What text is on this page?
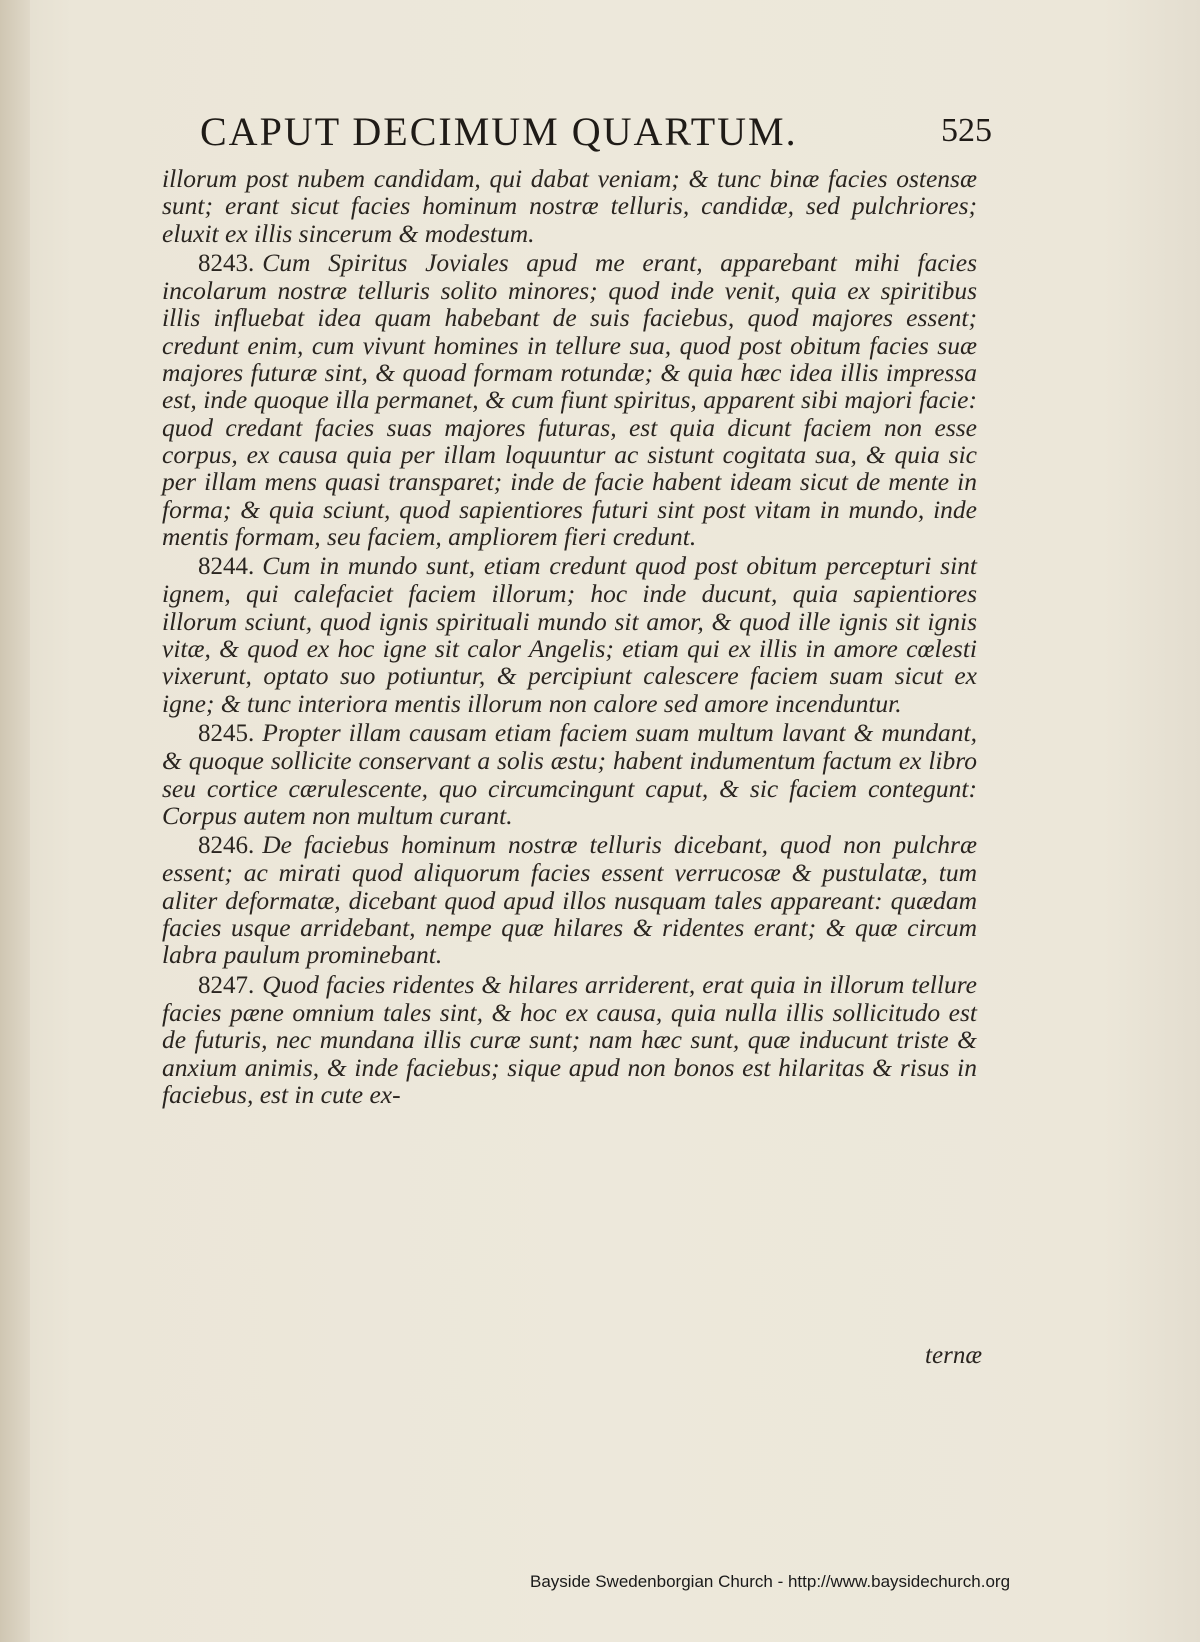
CAPUT DECIMUM QUARTUM.	525

illorum post nubem candidam, qui dabat veniam; & tunc binæ facies ostensæ sunt; erant sicut facies hominum nostræ telluris, candidæ, sed pulchriores; eluxit ex illis sincerum & modestum.

8243. Cum Spiritus Joviales apud me erant, apparebant mihi facies incolarum nostræ telluris solito minores; quod inde venit, quia ex spiritibus illis influebat idea quam habebant de suis faciebus, quod majores essent; credunt enim, cum vivunt homines in tellure sua, quod post obitum facies suæ majores futuræ sint, & quoad formam rotundæ; & quia hæc idea illis impressa est, inde quoque illa permanet, & cum fiunt spiritus, apparent sibi majori facie: quod credant facies suas majores futuras, est quia dicunt faciem non esse corpus, ex causa quia per illam loquuntur ac sistunt cogitata sua, & quia sic per illam mens quasi transparet; inde de facie habent ideam sicut de mente in forma; & quia sciunt, quod sapientiores futuri sint post vitam in mundo, inde mentis formam, seu faciem, ampliorem fieri credunt.

8244. Cum in mundo sunt, etiam credunt quod post obitum percepturi sint ignem, qui calefaciet faciem illorum; hoc inde ducunt, quia sapientiores illorum sciunt, quod ignis spirituali mundo sit amor, & quod ille ignis sit ignis vitæ, & quod ex hoc igne sit calor Angelis; etiam qui ex illis in amore cœlesti vixerunt, optato suo potiuntur, & percipiunt calescere faciem suam sicut ex igne; & tunc interiora mentis illorum non calore sed amore incenduntur.

8245. Propter illam causam etiam faciem suam multum lavant & mundant, & quoque sollicite conservant a solis æstu; habent indumentum factum ex libro seu cortice cærulescente, quo circumcingunt caput, & sic faciem contegunt: Corpus autem non multum curant.

8246. De faciebus hominum nostræ telluris dicebant, quod non pulchræ essent; ac mirati quod aliquorum facies essent verrucosæ & pustulatæ, tum aliter deformatæ, dicebant quod apud illos nusquam tales appareant: quædam facies usque arridebant, nempe quæ hilares & ridentes erant; & quæ circum labra paulum prominebant.

8247. Quod facies ridentes & hilares arriderent, erat quia in illorum tellure facies pæne omnium tales sint, & hoc ex causa, quia nulla illis sollicitudo est de futuris, nec mundana illis curæ sunt; nam hæc sunt, quæ inducunt triste & anxium animis, & inde faciebus; sique apud non bonos est hilaritas & risus in faciebus, est in cute ex-

ternæ
Bayside Swedenborgian Church - http://www.baysidechurch.org
